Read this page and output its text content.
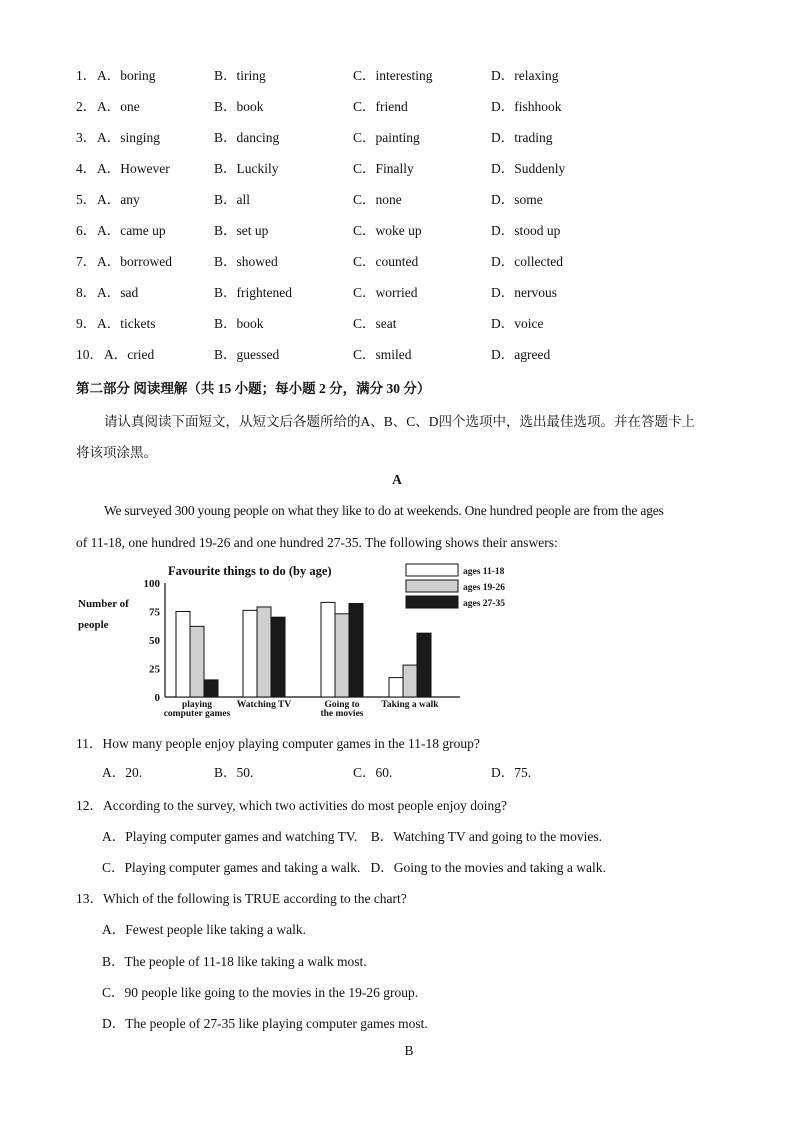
1． A．boring	B．tiring	C．interesting	D．relaxing
2． A．one	B．book	C．friend	D．fishhook
3． A．singing	B．dancing	C．painting	D．trading
4． A．However	B．Luckily	C．Finally	D．Suddenly
5． A．any	B．all	C．none	D．some
6． A．came up	B．set up	C．woke up	D．stood up
7． A．borrowed	B．showed	C．counted	D．collected
8． A．sad	B．frightened	C．worried	D．nervous
9． A．tickets	B．book	C．seat	D．voice
10． A．cried	B．guessed	C．smiled	D．agreed
第二部分 阅读理解（共 15 小题；每小题 2 分，满分 30 分）
请认真阅读下面短文，从短文后各题所给的A、B、C、D四个选项中，选出最佳选项。并在答题卡上
将该项涂黑。
A
We surveyed 300 young people on what they like to do at weekends. One hundred people are from the ages
of 11-18, one hundred 19-26 and one hundred 27-35. The following shows their answers:
Favourite things to do (by age)
Number of
people
0
25
50
75
100
playing
computer games
Watching TV	Going to
the movies
Taking a walk
ages 11-18
ages 19-26
ages 27-35
11．How many people enjoy playing computer games in the 11-18 group?
A．20.	B．50.	C．60.	D．75.
12．According to the survey, which two activities do most people enjoy doing?
A．Playing computer games and watching TV.    B．Watching TV and going to the movies.
C．Playing computer games and taking a walk.   D．Going to the movies and taking a walk.
13．Which of the following is TRUE according to the chart?
A．Fewest people like taking a walk.
B．The people of 11-18 like taking a walk most.
C．90 people like going to the movies in the 19-26 group.
D．The people of 27-35 like playing computer games most.
B
